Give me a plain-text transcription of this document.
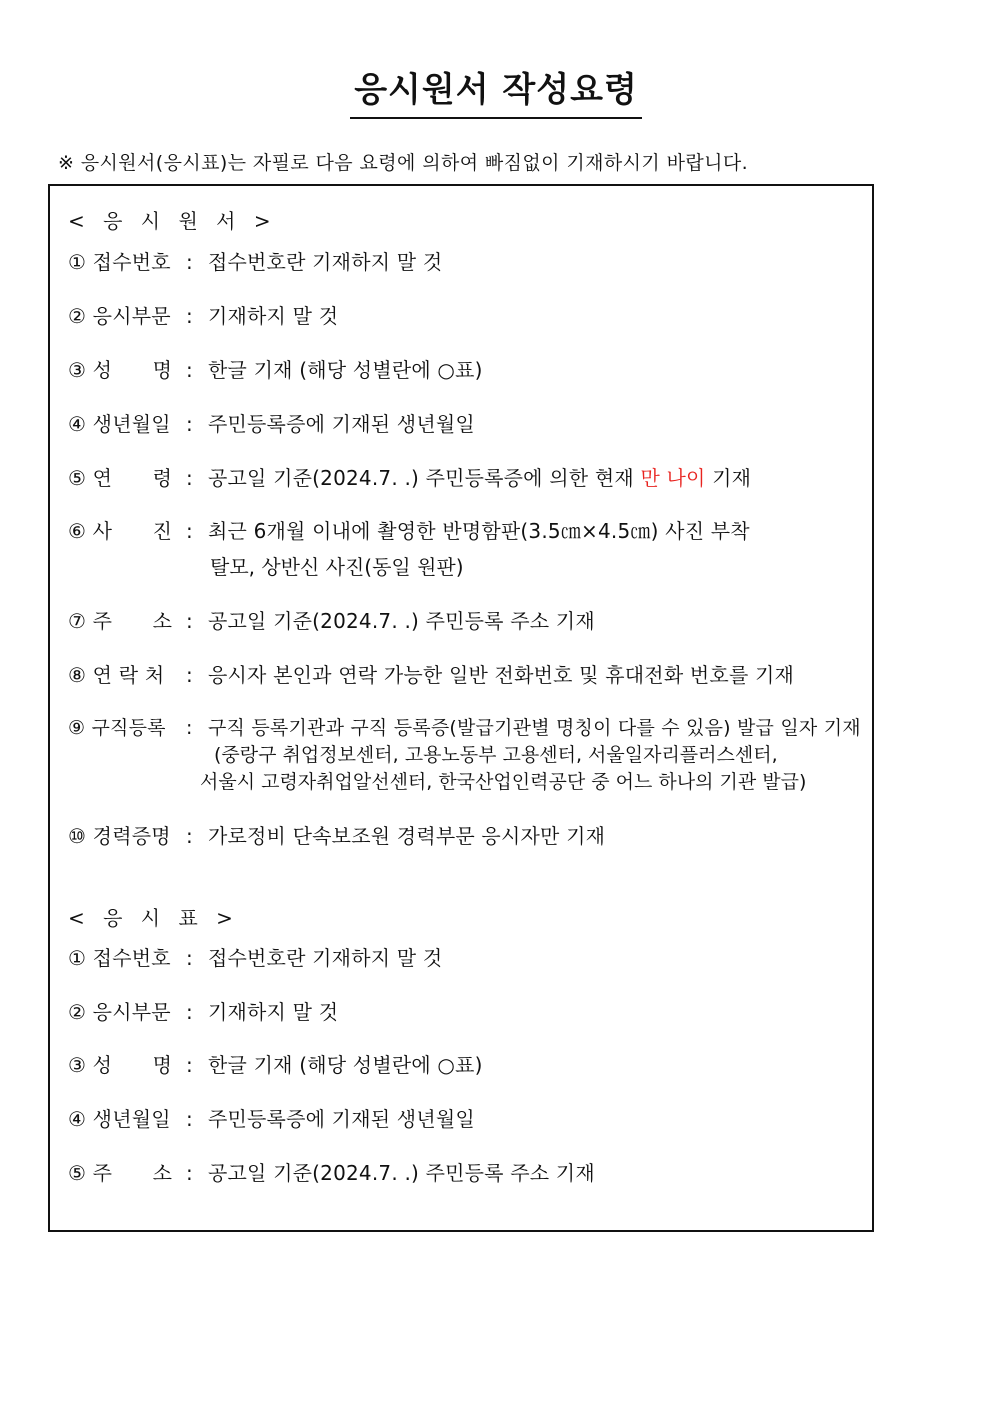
응시원서 작성요령
※ 응시원서(응시표)는 자필로 다음 요령에 의하여 빠짐없이 기재하시기 바랍니다.
< 응 시 원 서 >
① 접수번호 : 접수번호란 기재하지 말 것
② 응시부문 : 기재하지 말 것
③ 성　　명 : 한글 기재 (해당 성별란에 ○표)
④ 생년월일 : 주민등록증에 기재된 생년월일
⑤ 연　　령 : 공고일 기준(2024.7. .) 주민등록증에 의한 현재 만 나이 기재
⑥ 사　　진 : 최근 6개월 이내에 촬영한 반명함판(3.5㎝×4.5㎝) 사진 부착
탈모, 상반신 사진(동일 원판)
⑦ 주　　소 : 공고일 기준(2024.7. .) 주민등록 주소 기재
⑧ 연 락 처 : 응시자 본인과 연락 가능한 일반 전화번호 및 휴대전화 번호를 기재
⑨ 구직등록 : 구직 등록기관과 구직 등록증(발급기관별 명칭이 다를 수 있음) 발급 일자 기재
(중랑구 취업정보센터, 고용노동부 고용센터, 서울일자리플러스센터,
서울시 고령자취업알선센터, 한국산업인력공단 중 어느 하나의 기관 발급)
⑩ 경력증명 : 가로정비 단속보조원 경력부문 응시자만 기재
< 응 시 표 >
① 접수번호 : 접수번호란 기재하지 말 것
② 응시부문 : 기재하지 말 것
③ 성　　명 : 한글 기재 (해당 성별란에 ○표)
④ 생년월일 : 주민등록증에 기재된 생년월일
⑤ 주　　소 : 공고일 기준(2024.7. .) 주민등록 주소 기재
